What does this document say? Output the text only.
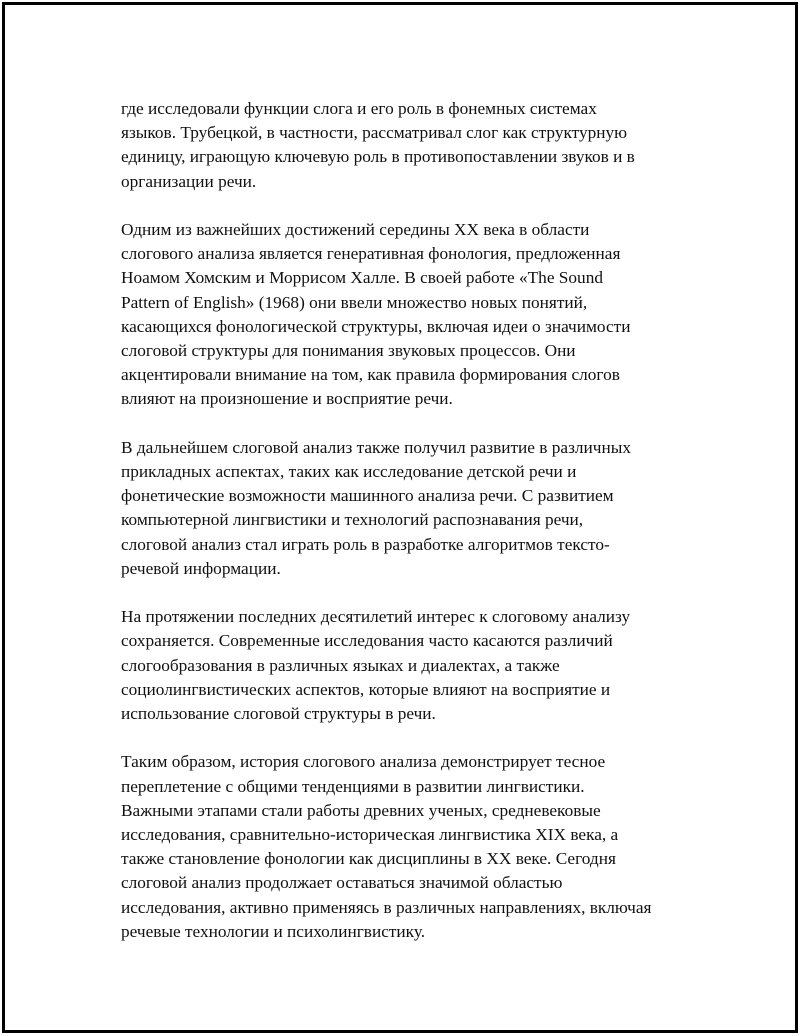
где исследовали функции слога и его роль в фонемных системах
языков. Трубецкой, в частности, рассматривал слог как структурную
единицу, играющую ключевую роль в противопоставлении звуков и в
организации речи.

Одним из важнейших достижений середины XX века в области
слогового анализа является генеративная фонология, предложенная
Ноамом Хомским и Моррисом Халле. В своей работе «The Sound
Pattern of English» (1968) они ввели множество новых понятий,
касающихся фонологической структуры, включая идеи о значимости
слоговой структуры для понимания звуковых процессов. Они
акцентировали внимание на том, как правила формирования слогов
влияют на произношение и восприятие речи.

В дальнейшем слоговой анализ также получил развитие в различных
прикладных аспектах, таких как исследование детской речи и
фонетические возможности машинного анализа речи. С развитием
компьютерной лингвистики и технологий распознавания речи,
слоговой анализ стал играть роль в разработке алгоритмов тексто-
речевой информации.

На протяжении последних десятилетий интерес к слоговому анализу
сохраняется. Современные исследования часто касаются различий
слогообразования в различных языках и диалектах, а также
социолингвистических аспектов, которые влияют на восприятие и
использование слоговой структуры в речи.

Таким образом, история слогового анализа демонстрирует тесное
переплетение с общими тенденциями в развитии лингвистики.
Важными этапами стали работы древних ученых, средневековые
исследования, сравнительно-историческая лингвистика XIX века, а
также становление фонологии как дисциплины в XX веке. Сегодня
слоговой анализ продолжает оставаться значимой областью
исследования, активно применяясь в различных направлениях, включая
речевые технологии и психолингвистику.
